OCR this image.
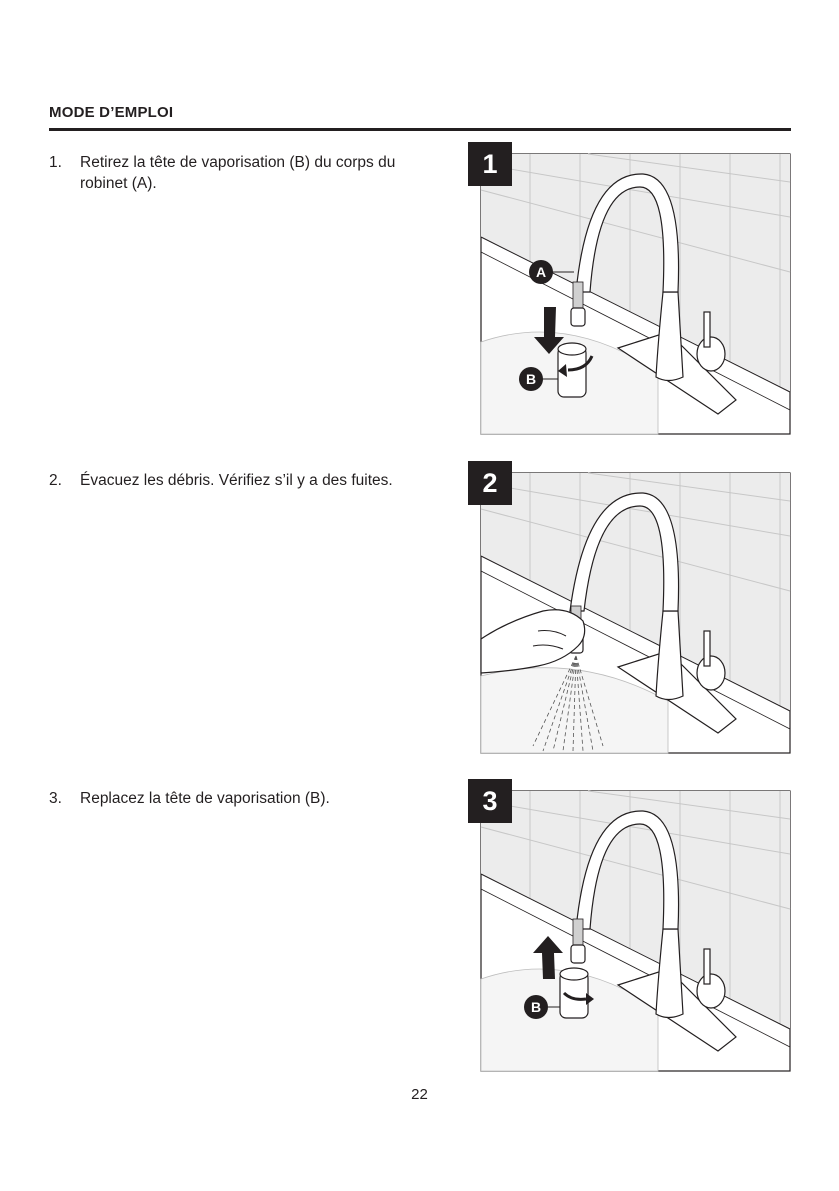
MODE D’EMPLOI
1. Retirez la tête de vaporisation (B) du corps du robinet (A).
A
B
1
2. Évacuez les débris. Vérifiez s’il y a des fuites.	2
3. Replacez la tête de vaporisation (B).
B
3
22
